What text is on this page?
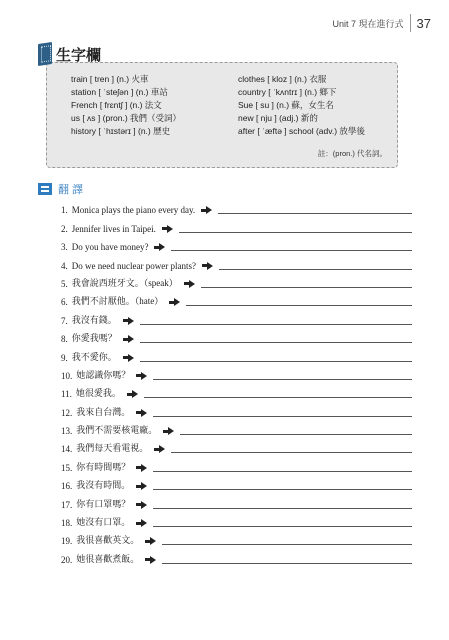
Unit 7 現在進行式 37
生字欄
train [ tren ] (n.) 火車
station [ ˈsteʃən ] (n.) 車站
French [ frɛntʃ ] (n.) 法文
us [ ʌs ] (pron.) 我們（受詞）
history [ ˈhɪstərɪ ] (n.) 歷史
clothes [ kloz ] (n.) 衣服
country [ ˈkʌntrɪ ] (n.) 鄉下
Sue [ su ] (n.) 蘇，女生名
new [ nju ] (adj.) 新的
after [ ˈæftə ] school (adv.) 放學後
註：(pron.) 代名詞。
翻譯
1. Monica plays the piano every day.
2. Jennifer lives in Taipei.
3. Do you have money?
4. Do we need nuclear power plants?
5. 我會說西班牙文。（speak）
6. 我們不討厭他。（hate）
7. 我沒有錢。
8. 你愛我嗎？
9. 我不愛你。
10. 她認識你嗎？
11. 她很愛我。
12. 我來自台灣。
13. 我們不需要核電廠。
14. 我們每天看電視。
15. 你有時間嗎？
16. 我沒有時間。
17. 你有口罩嗎？
18. 她沒有口罩。
19. 我很喜歡英文。
20. 她很喜歡煮飯。
